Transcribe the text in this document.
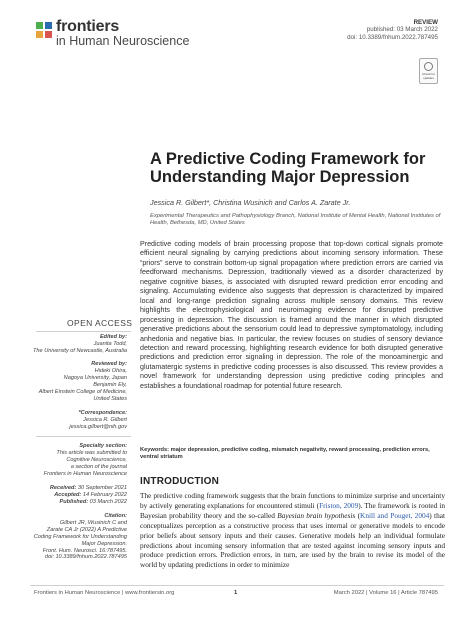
frontiers
in Human Neuroscience
REVIEW
published: 03 March 2022
doi: 10.3389/fnhum.2022.787495
Check for updates
A Predictive Coding Framework for Understanding Major Depression
Jessica R. Gilbert*, Christina Wusinich and Carlos A. Zarate Jr.
Experimental Therapeutics and Pathophysiology Branch, National Institute of Mental Health, National Institutes of Health, Bethesda, MD, United States
Predictive coding models of brain processing propose that top-down cortical signals promote efficient neural signaling by carrying predictions about incoming sensory information. These “priors” serve to constrain bottom-up signal propagation where prediction errors are carried via feedforward mechanisms. Depression, traditionally viewed as a disorder characterized by negative cognitive biases, is associated with disrupted reward prediction error encoding and signaling. Accumulating evidence also suggests that depression is characterized by impaired local and long-range prediction signaling across multiple sensory domains. This review highlights the electrophysiological and neuroimaging evidence for disrupted predictive processing in depression. The discussion is framed around the manner in which disrupted generative predictions about the sensorium could lead to depressive symptomatology, including anhedonia and negative bias. In particular, the review focuses on studies of sensory deviance detection and reward processing, highlighting research evidence for both disrupted generative predictions and prediction error signaling in depression. The role of the monoaminergic and glutamatergic systems in predictive coding processes is also discussed. This review provides a novel framework for understanding depression using predictive coding principles and establishes a foundational roadmap for potential future research.
Keywords: major depression, predictive coding, mismatch negativity, reward processing, prediction errors, ventral striatum
INTRODUCTION
The predictive coding framework suggests that the brain functions to minimize surprise and uncertainty by actively generating explanations for encountered stimuli (Friston, 2009). The framework is rooted in Bayesian probability theory and the so-called Bayesian brain hypothesis (Knill and Pouget, 2004) that conceptualizes perception as a constructive process that uses internal or generative models to encode prior beliefs about sensory inputs and their causes. Generative models help an individual formulate predictions about incoming sensory information that are tested against incoming sensory inputs and produce prediction errors. Prediction errors, in turn, are used by the brain to revise its model of the world by updating predictions in order to minimize
OPEN ACCESS
Edited by:
Juanita Todd,
The University of Newcastle, Australia
Reviewed by:
Hideki Ohira,
Nagoya University, Japan
Benjamin Ely,
Albert Einstein College of Medicine,
United States
*Correspondence:
Jessica R. Gilbert
jessica.gilbert@nih.gov
Specialty section:
This article was submitted to
Cognitive Neuroscience,
a section of the journal
Frontiers in Human Neuroscience
Received: 30 September 2021
Accepted: 14 February 2022
Published: 03 March 2022
Citation:
Gilbert JR, Wusinich C and
Zarate CA Jr (2022) A Predictive
Coding Framework for Understanding
Major Depression.
Front. Hum. Neurosci. 16:787495.
doi: 10.3389/fnhum.2022.787495
Frontiers in Human Neuroscience | www.frontiersin.org	1	March 2022 | Volume 16 | Article 787495
